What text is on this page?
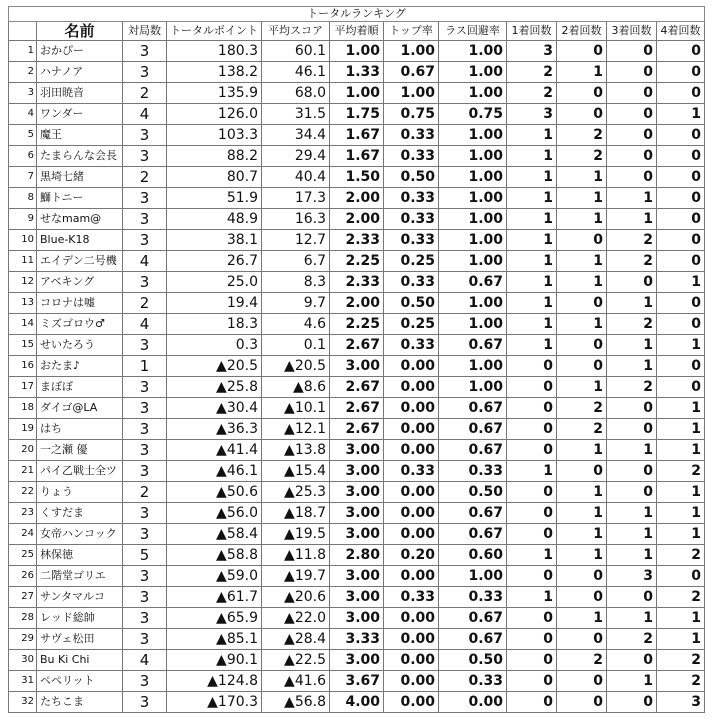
トータルランキング											
	名前	対局数	トータルポイント	平均スコア	平均着順	トップ率	ラス回避率	1着回数	2着回数	3着回数	4着回数
1	おかぴー	3	180.3	60.1	1.00	1.00	1.00	3	0	0	0
2	ハナノア	3	138.2	46.1	1.33	0.67	1.00	2	1	0	0
3	羽田暁音	2	135.9	68.0	1.00	1.00	1.00	2	0	0	0
4	ワンダー	4	126.0	31.5	1.75	0.75	0.75	3	0	0	1
5	魔王	3	103.3	34.4	1.67	0.33	1.00	1	2	0	0
6	たまらんな会長	3	88.2	29.4	1.67	0.33	1.00	1	2	0	0
7	黒埼七緒	2	80.7	40.4	1.50	0.50	1.00	1	1	0	0
8	鰤トニー	3	51.9	17.3	2.00	0.33	1.00	1	1	1	0
9	せなmam@	3	48.9	16.3	2.00	0.33	1.00	1	1	1	0
10	Blue-K18	3	38.1	12.7	2.33	0.33	1.00	1	0	2	0
11	エイデン二号機	4	26.7	6.7	2.25	0.25	1.00	1	1	2	0
12	アベキング	3	25.0	8.3	2.33	0.33	0.67	1	1	0	1
13	コロナは嘘	2	19.4	9.7	2.00	0.50	1.00	1	0	1	0
14	ミズゴロウ♂	4	18.3	4.6	2.25	0.25	1.00	1	1	2	0
15	せいたろう	3	0.3	0.1	2.67	0.33	0.67	1	0	1	1
16	おたま♪	1	▲20.5	▲20.5	3.00	0.00	1.00	0	0	1	0
17	まぼぼ	3	▲25.8	▲8.6	2.67	0.00	1.00	0	1	2	0
18	ダイゴ@LA	3	▲30.4	▲10.1	2.67	0.00	0.67	0	2	0	1
19	はち	3	▲36.3	▲12.1	2.67	0.00	0.67	0	2	0	1
20	一之瀬 優	3	▲41.4	▲13.8	3.00	0.00	0.67	0	1	1	1
21	パイ乙戦士全ツ	3	▲46.1	▲15.4	3.00	0.33	0.33	1	0	0	2
22	りょう	2	▲50.6	▲25.3	3.00	0.00	0.50	0	1	0	1
23	くすだま	3	▲56.0	▲18.7	3.00	0.00	0.67	0	1	1	1
24	女帝ハンコック	3	▲58.4	▲19.5	3.00	0.00	0.67	0	1	1	1
25	林保徳	5	▲58.8	▲11.8	2.80	0.20	0.60	1	1	1	2
26	二階堂ゴリエ	3	▲59.0	▲19.7	3.00	0.00	1.00	0	0	3	0
27	サンタマルコ	3	▲61.7	▲20.6	3.00	0.33	0.33	1	0	0	2
28	レッド総帥	3	▲65.9	▲22.0	3.00	0.00	0.67	0	1	1	1
29	サヴェ松田	3	▲85.1	▲28.4	3.33	0.00	0.67	0	0	2	1
30	Bu Ki Chi	4	▲90.1	▲22.5	3.00	0.00	0.50	0	2	0	2
31	ペペリット	3	▲124.8	▲41.6	3.67	0.00	0.33	0	0	1	2
32	たちこま	3	▲170.3	▲56.8	4.00	0.00	0.00	0	0	0	3
